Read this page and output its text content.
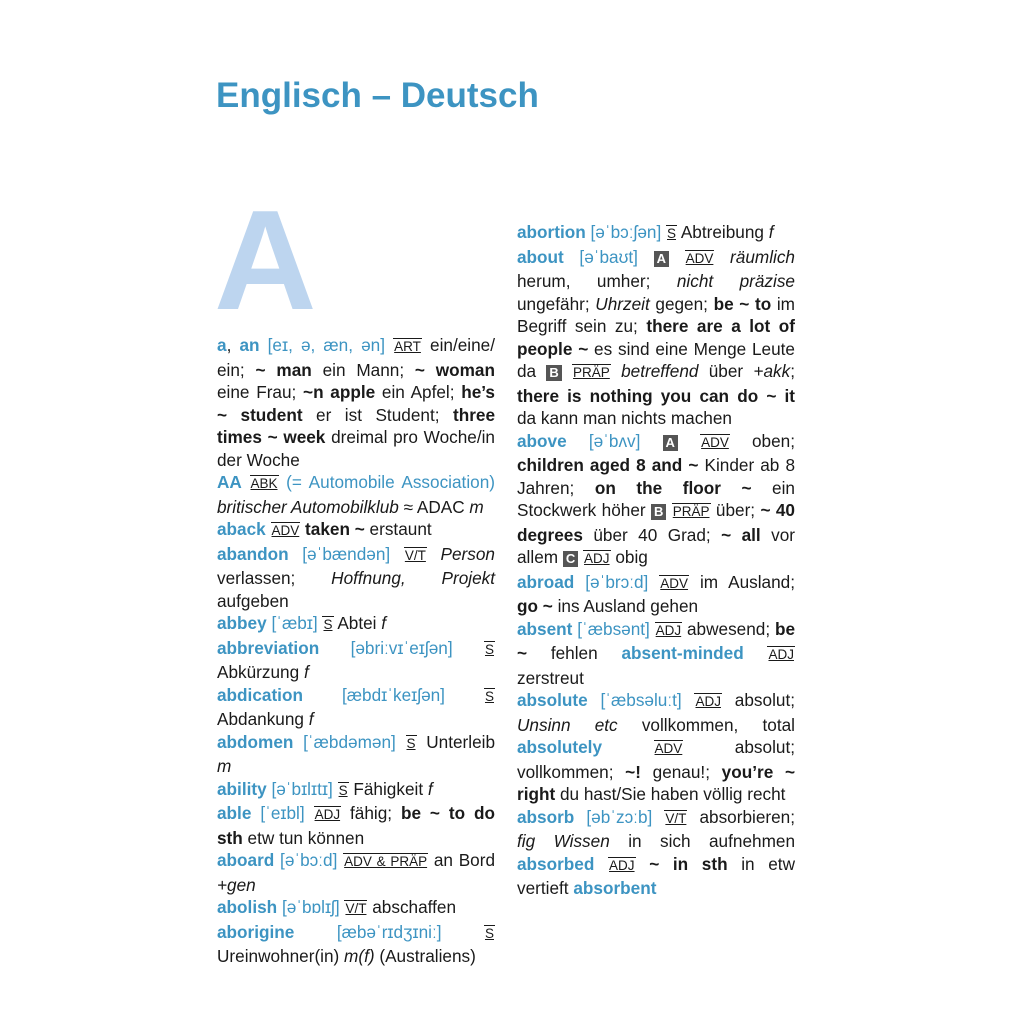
Englisch – Deutsch
A

a, an [eɪ, ə, æn, ən] ART ein/eine/ ein; ~ man ein Mann; ~ woman eine Frau; ~n apple ein Apfel; he’s ~ student er ist Student; three times ~ week dreimal pro Woche/in der Woche

AA ABK (= Automobile Association) britischer Automobilklub ≈ ADAC m

aback ADV taken ~ erstaunt

abandon [əˈbændən] V/T Person verlassen; Hoffnung, Projekt aufgeben

abbey [ˈæbɪ] S Abtei f

abbreviation [əbriːvɪˈeɪʃən] S Abkürzung f

abdication [æbdɪˈkeɪʃən] S Abdankung f

abdomen [ˈæbdəmən] S Unterleib m

ability [əˈbɪlɪtɪ] S Fähigkeit f

able [ˈeɪbl] ADJ fähig; be ~ to do sth etw tun können

aboard [əˈbɔːd] ADV & PRÄP an Bord +gen

abolish [əˈbɒlɪʃ] V/T abschaffen

aborigine [æbəˈrɪdʒɪniː] S Ureinwohner(in) m(f) (Australiens)

abortion [əˈbɔːʃən] S Abtreibung f

about [əˈbaʊt] A ADV räumlich herum, umher; nicht präzise ungefähr; Uhrzeit gegen; be ~ to im Begriff sein zu; there are a lot of people ~ es sind eine Menge Leute da B PRÄP betreffend über +akk; there is nothing you can do ~ it da kann man nichts machen

above [əˈbʌv] A ADV oben; children aged 8 and ~ Kinder ab 8 Jahren; on the floor ~ ein Stockwerk höher B PRÄP über; ~ 40 degrees über 40 Grad; ~ all vor allem C ADJ obig

abroad [əˈbrɔːd] ADV im Ausland; go ~ ins Ausland gehen

absent [ˈæbsənt] ADJ abwesend; be ~ fehlen absent-minded ADJ zerstreut

absolute [ˈæbsəluːt] ADJ absolut; Unsinn etc vollkommen, total absolutely	ADV absolut; vollkommen; ~! genau!; you’re ~ right du hast/Sie haben völlig recht

absorb [əbˈzɔːb] V/T absorbieren; fig Wissen in sich aufnehmen absorbed ADJ ~ in sth in etw vertieft absorbent
